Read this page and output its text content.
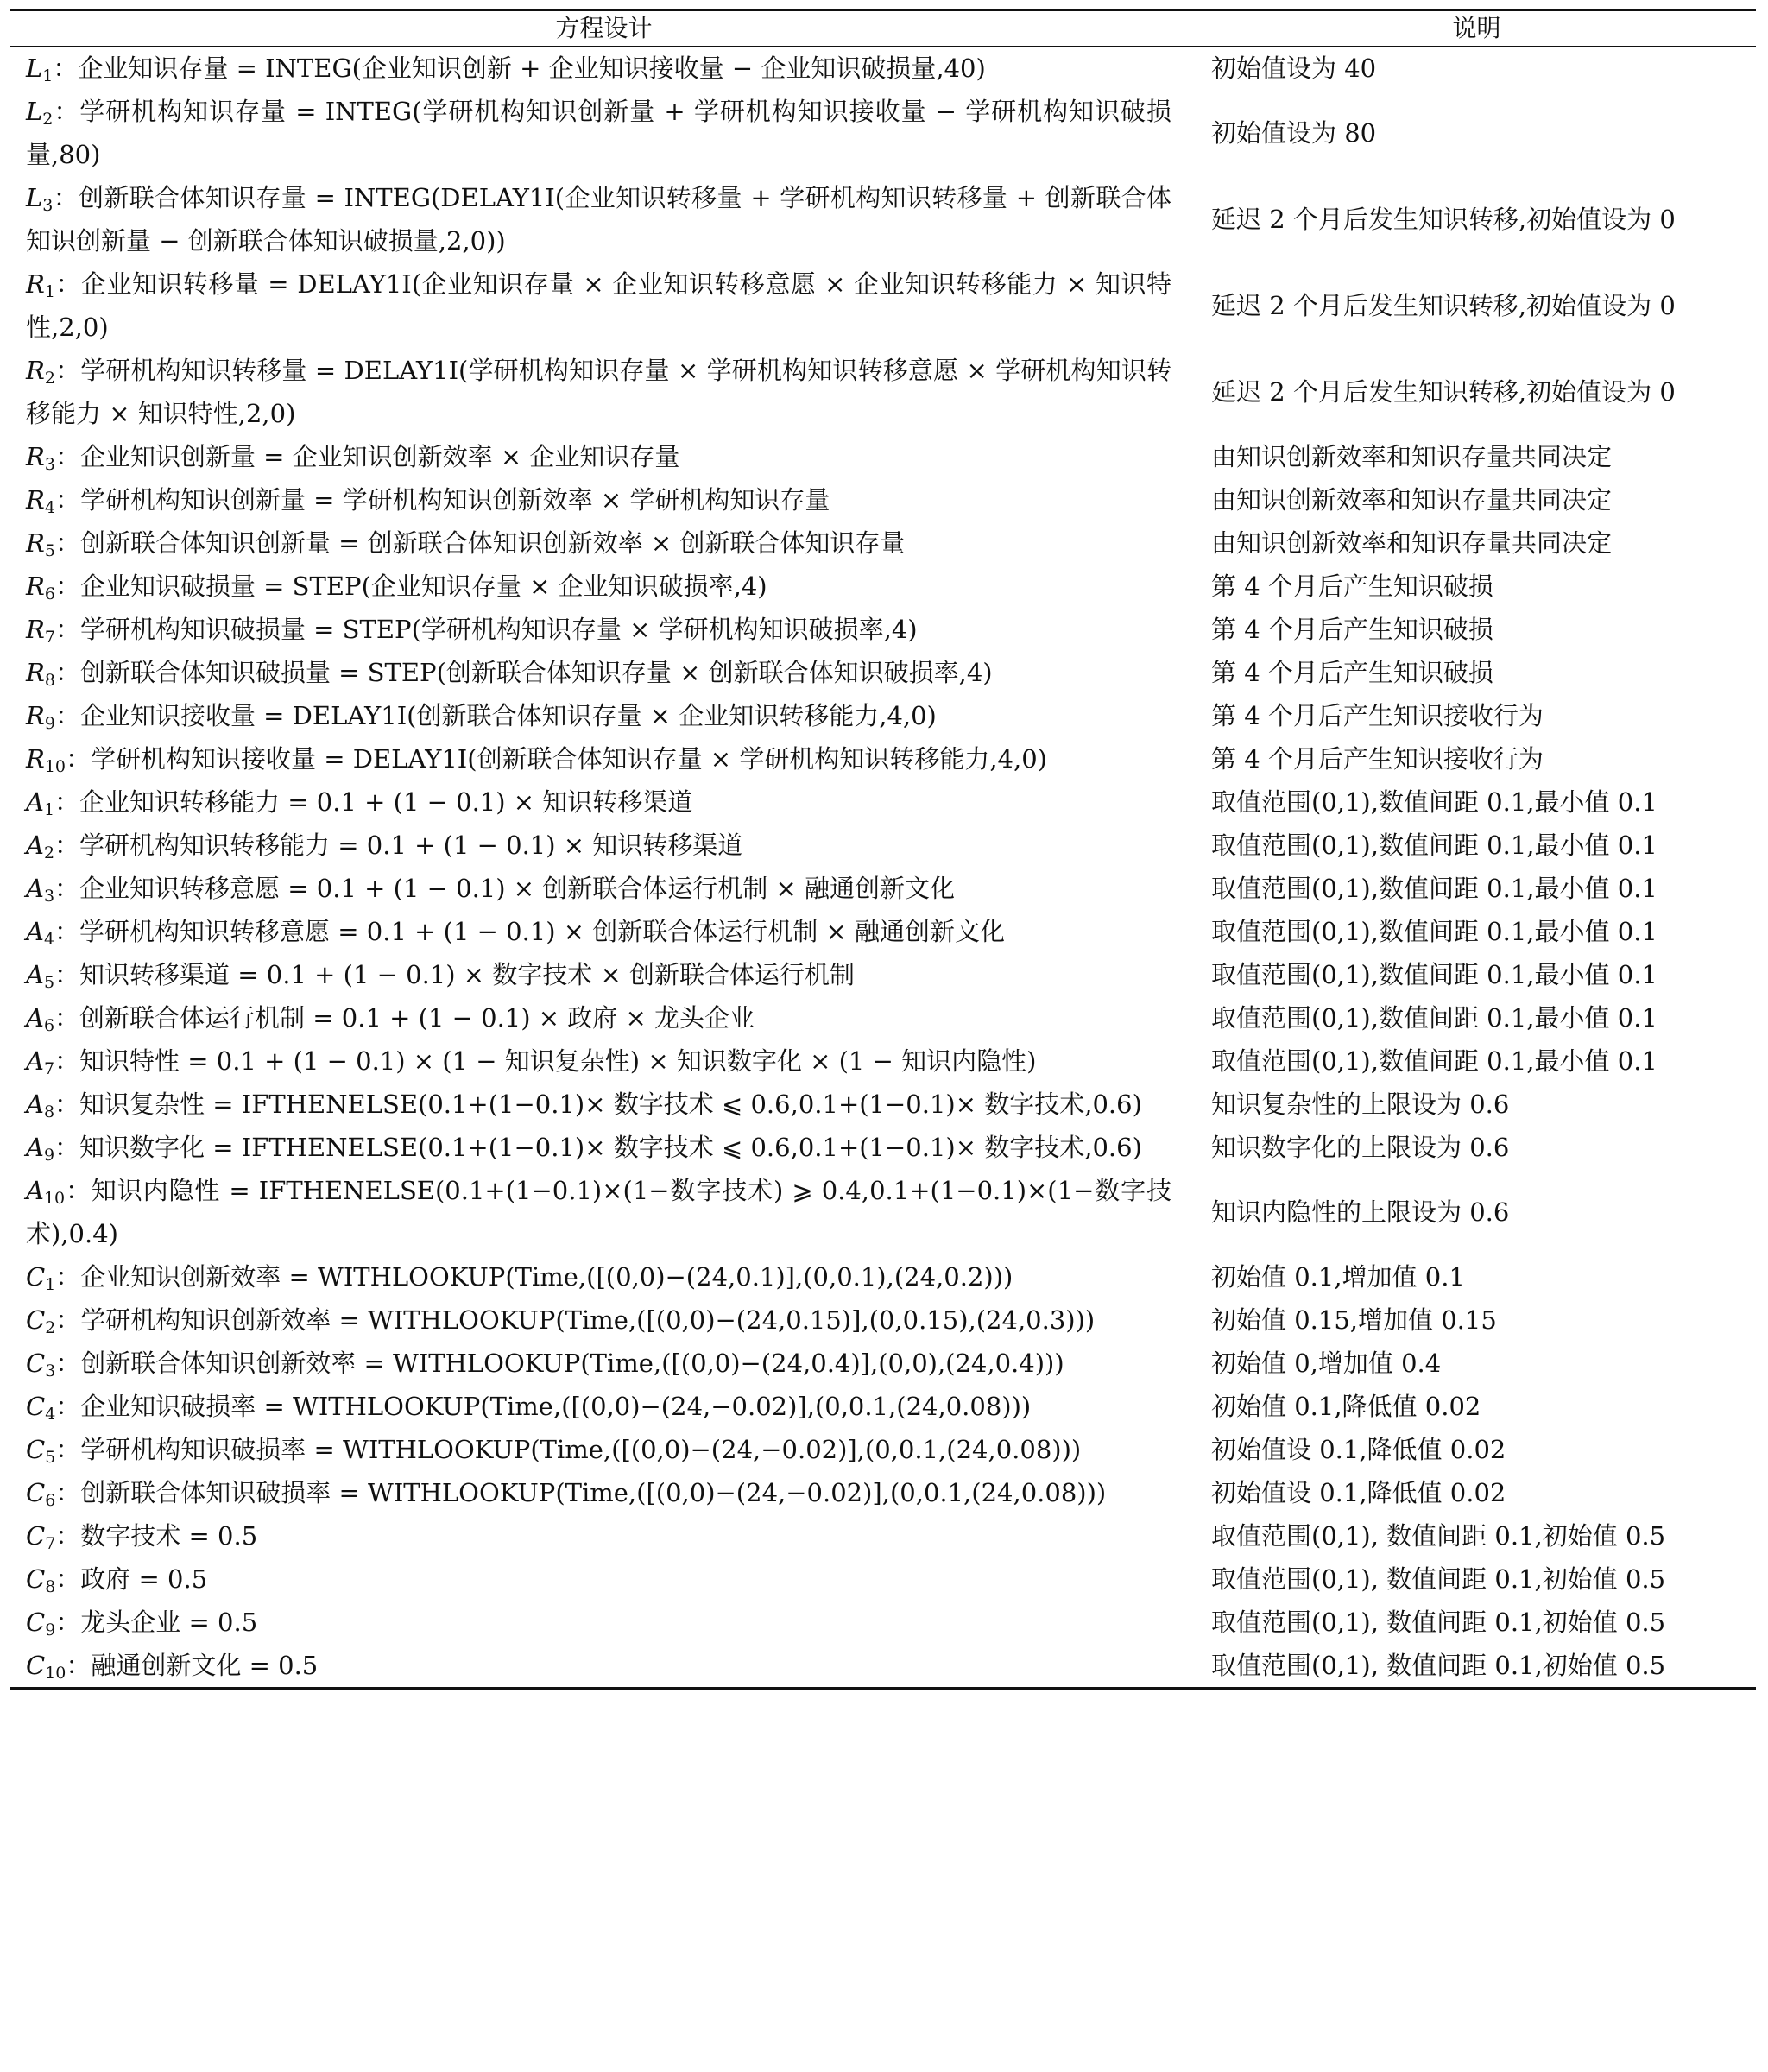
方程设计	说明
$L_1$：企业知识存量 = INTEG(企业知识创新 + 企业知识接收量 − 企业知识破损量,40)	初始值设为 40
$L_2$：学研机构知识存量 = INTEG(学研机构知识创新量 + 学研机构知识接收量 − 学研机构知识破损量,80)	初始值设为 80
$L_3$：创新联合体知识存量 = INTEG(DELAY1I(企业知识转移量 + 学研机构知识转移量 + 创新联合体知识创新量 − 创新联合体知识破损量,2,0))	延迟 2 个月后发生知识转移,初始值设为 0
$R_1$：企业知识转移量 = DELAY1I(企业知识存量 × 企业知识转移意愿 × 企业知识转移能力 × 知识特性,2,0)	延迟 2 个月后发生知识转移,初始值设为 0
$R_2$：学研机构知识转移量 = DELAY1I(学研机构知识存量 × 学研机构知识转移意愿 × 学研机构知识转移能力 × 知识特性,2,0)	延迟 2 个月后发生知识转移,初始值设为 0
$R_3$：企业知识创新量 = 企业知识创新效率 × 企业知识存量	由知识创新效率和知识存量共同决定
$R_4$：学研机构知识创新量 = 学研机构知识创新效率 × 学研机构知识存量	由知识创新效率和知识存量共同决定
$R_5$：创新联合体知识创新量 = 创新联合体知识创新效率 × 创新联合体知识存量	由知识创新效率和知识存量共同决定
$R_6$：企业知识破损量 = STEP(企业知识存量 × 企业知识破损率,4)	第 4 个月后产生知识破损
$R_7$：学研机构知识破损量 = STEP(学研机构知识存量 × 学研机构知识破损率,4)	第 4 个月后产生知识破损
$R_8$：创新联合体知识破损量 = STEP(创新联合体知识存量 × 创新联合体知识破损率,4)	第 4 个月后产生知识破损
$R_9$：企业知识接收量 = DELAY1I(创新联合体知识存量 × 企业知识转移能力,4,0)	第 4 个月后产生知识接收行为
$R_{10}$：学研机构知识接收量 = DELAY1I(创新联合体知识存量 × 学研机构知识转移能力,4,0)	第 4 个月后产生知识接收行为
$A_1$：企业知识转移能力 = 0.1 + (1 − 0.1) × 知识转移渠道	取值范围(0,1),数值间距 0.1,最小值 0.1
$A_2$：学研机构知识转移能力 = 0.1 + (1 − 0.1) × 知识转移渠道	取值范围(0,1),数值间距 0.1,最小值 0.1
$A_3$：企业知识转移意愿 = 0.1 + (1 − 0.1) × 创新联合体运行机制 × 融通创新文化	取值范围(0,1),数值间距 0.1,最小值 0.1
$A_4$：学研机构知识转移意愿 = 0.1 + (1 − 0.1) × 创新联合体运行机制 × 融通创新文化	取值范围(0,1),数值间距 0.1,最小值 0.1
$A_5$：知识转移渠道 = 0.1 + (1 − 0.1) × 数字技术 × 创新联合体运行机制	取值范围(0,1),数值间距 0.1,最小值 0.1
$A_6$：创新联合体运行机制 = 0.1 + (1 − 0.1) × 政府 × 龙头企业	取值范围(0,1),数值间距 0.1,最小值 0.1
$A_7$：知识特性 = 0.1 + (1 − 0.1) × (1 − 知识复杂性) × 知识数字化 × (1 − 知识内隐性)	取值范围(0,1),数值间距 0.1,最小值 0.1
$A_8$：知识复杂性 = IFTHENELSE(0.1+(1−0.1)× 数字技术 ⩽ 0.6,0.1+(1−0.1)× 数字技术,0.6)	知识复杂性的上限设为 0.6
$A_9$：知识数字化 = IFTHENELSE(0.1+(1−0.1)× 数字技术 ⩽ 0.6,0.1+(1−0.1)× 数字技术,0.6)	知识数字化的上限设为 0.6
$A_{10}$：知识内隐性 = IFTHENELSE(0.1+(1−0.1)×(1−数字技术) ⩾ 0.4,0.1+(1−0.1)×(1−数字技术),0.4)	知识内隐性的上限设为 0.6
$C_1$：企业知识创新效率 = WITHLOOKUP(Time,([(0,0)−(24,0.1)],(0,0.1),(24,0.2)))	初始值 0.1,增加值 0.1
$C_2$：学研机构知识创新效率 = WITHLOOKUP(Time,([(0,0)−(24,0.15)],(0,0.15),(24,0.3)))	初始值 0.15,增加值 0.15
$C_3$：创新联合体知识创新效率 = WITHLOOKUP(Time,([(0,0)−(24,0.4)],(0,0),(24,0.4)))	初始值 0,增加值 0.4
$C_4$：企业知识破损率 = WITHLOOKUP(Time,([(0,0)−(24,−0.02)],(0,0.1,(24,0.08)))	初始值 0.1,降低值 0.02
$C_5$：学研机构知识破损率 = WITHLOOKUP(Time,([(0,0)−(24,−0.02)],(0,0.1,(24,0.08)))	初始值设 0.1,降低值 0.02
$C_6$：创新联合体知识破损率 = WITHLOOKUP(Time,([(0,0)−(24,−0.02)],(0,0.1,(24,0.08)))	初始值设 0.1,降低值 0.02
$C_7$：数字技术 = 0.5	取值范围(0,1), 数值间距 0.1,初始值 0.5
$C_8$：政府 = 0.5	取值范围(0,1), 数值间距 0.1,初始值 0.5
$C_9$：龙头企业 = 0.5	取值范围(0,1), 数值间距 0.1,初始值 0.5
$C_{10}$：融通创新文化 = 0.5	取值范围(0,1), 数值间距 0.1,初始值 0.5
